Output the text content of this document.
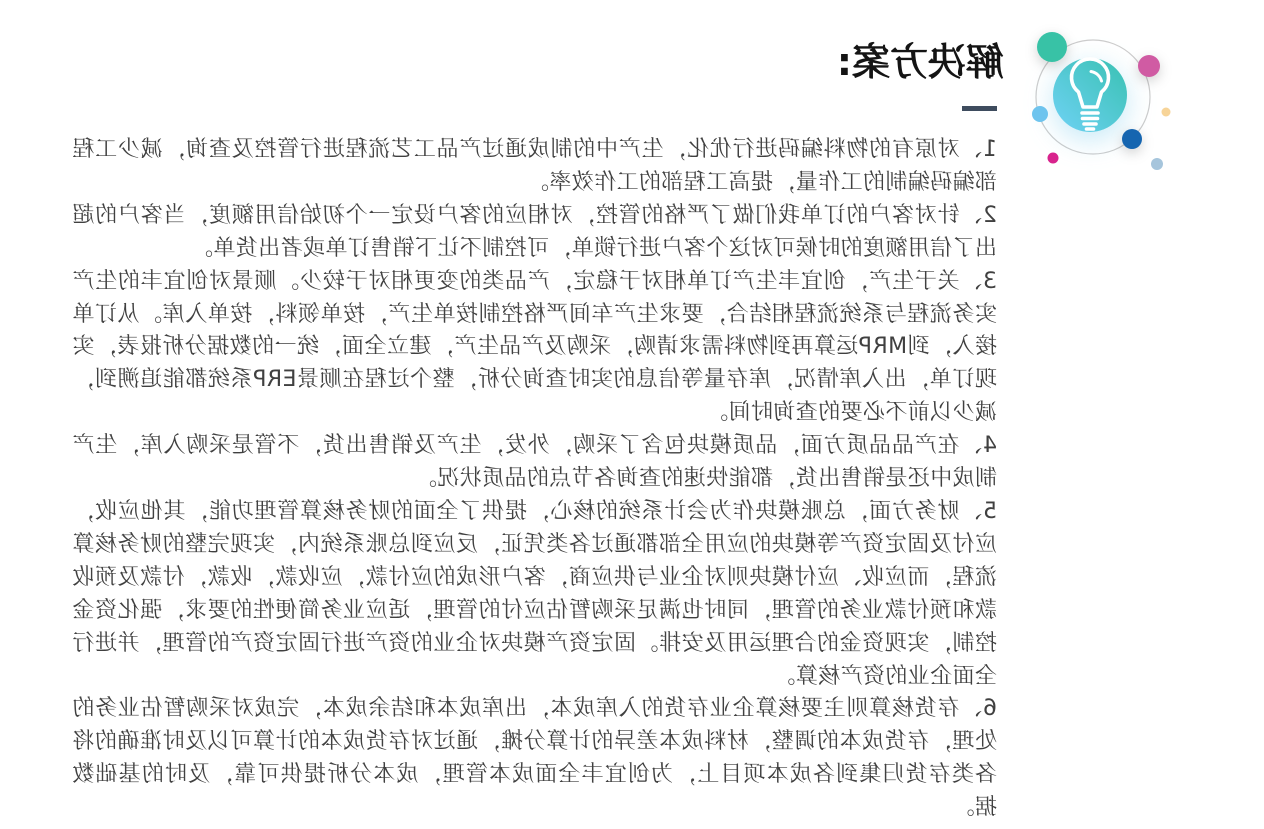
解决方案:

1、对原有的物料编码进行优化，生产中的制成通过产品工艺流程进行管控及查询，减少工程部编码编制的工作量，提高工程部的工作效率。

2、针对客户的订单我们做了严格的管控，对相应的客户设定一个初始信用额度，当客户的超出了信用额度的时候可对这个客户进行锁单，可控制不让下销售订单或者出货单。

3、关于生产，创宜丰生产订单相对于稳定，产品类的变更相对于较少。顺景对创宜丰的生产实务流程与系统流程相结合，要求生产车间严格控制按单生产，按单领料，按单入库。从订单接入，到MRP运算再到物料需求请购，采购及产品生产，建立全面，统一的数据分析报表，实现订单，出入库情况，库存量等信息的实时查询分析，整个过程在顺景ERP系统都能追溯到，减少以前不必要的查询时间。

4、在产品品质方面，品质模块包含了采购，外发，生产及销售出货，不管是采购入库，生产制成中还是销售出货，都能快速的查询各节点的品质状况。

5、财务方面，总账模块作为会计系统的核心，提供了全面的财务核算管理功能，其他应收，应付及固定资产等模块的应用全部都通过各类凭证，反应到总账系统内，实现完整的财务核算流程，而应收、应付模块则对企业与供应商，客户形成的应付款，应收款，收款，付款及预收款和预付款业务的管理，同时也满足采购暂估应付的管理，适应业务简便性的要求，强化资金控制，实现资金的合理运用及安排。固定资产模块对企业的资产进行固定资产的管理，并进行全面企业的资产核算。

6、存货核算则主要核算企业存货的入库成本，出库成本和结余成本，完成对采购暂估业务的处理，存货成本的调整，材料成本差异的计算分摊，通过对存货成本的计算可以及时准确的将各类存货归集到各成本项目上，为创宜丰全面成本管理，成本分析提供可靠，及时的基础数据。
